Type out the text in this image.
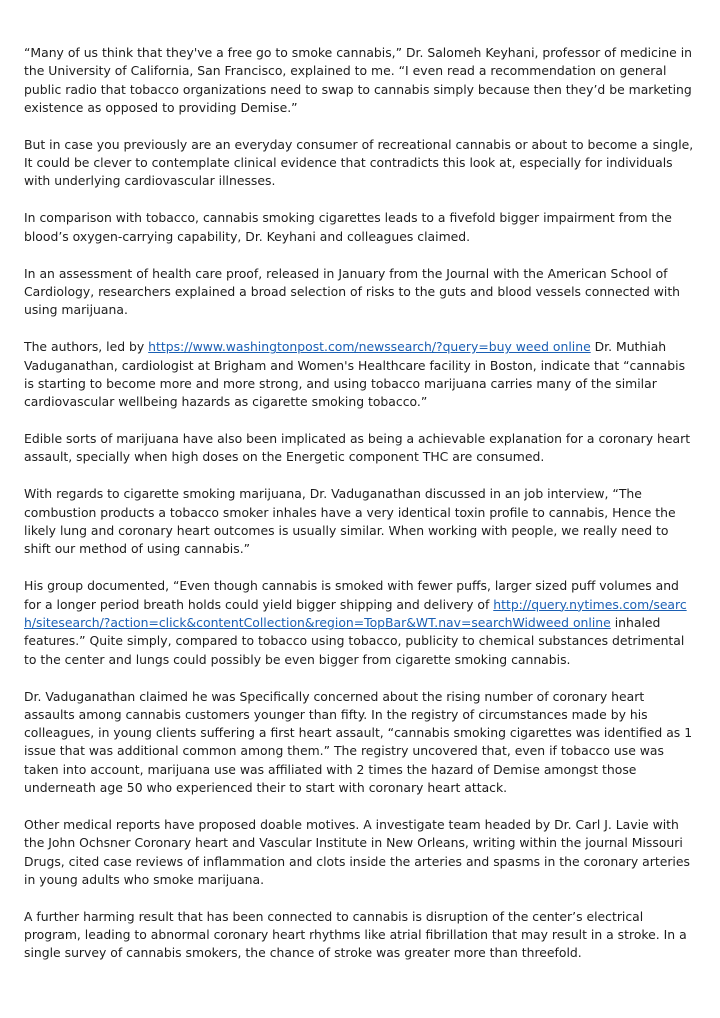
“Many of us think that they've a free go to smoke cannabis,” Dr. Salomeh Keyhani, professor of medicine in the University of California, San Francisco, explained to me. “I even read a recommendation on general public radio that tobacco organizations need to swap to cannabis simply because then they’d be marketing existence as opposed to providing Demise.”

But in case you previously are an everyday consumer of recreational cannabis or about to become a single, It could be clever to contemplate clinical evidence that contradicts this look at, especially for individuals with underlying cardiovascular illnesses.

In comparison with tobacco, cannabis smoking cigarettes leads to a fivefold bigger impairment from the blood’s oxygen-carrying capability, Dr. Keyhani and colleagues claimed.

In an assessment of health care proof, released in January from the Journal with the American School of Cardiology, researchers explained a broad selection of risks to the guts and blood vessels connected with using marijuana.

The authors, led by https://www.washingtonpost.com/newssearch/?query=buy weed online Dr. Muthiah Vaduganathan, cardiologist at Brigham and Women's Healthcare facility in Boston, indicate that “cannabis is starting to become more and more strong, and using tobacco marijuana carries many of the similar cardiovascular wellbeing hazards as cigarette smoking tobacco.”

Edible sorts of marijuana have also been implicated as being a achievable explanation for a coronary heart assault, specially when high doses on the Energetic component THC are consumed.

With regards to cigarette smoking marijuana, Dr. Vaduganathan discussed in an job interview, “The combustion products a tobacco smoker inhales have a very identical toxin profile to cannabis, Hence the likely lung and coronary heart outcomes is usually similar. When working with people, we really need to shift our method of using cannabis.”

His group documented, “Even though cannabis is smoked with fewer puffs, larger sized puff volumes and for a longer period breath holds could yield bigger shipping and delivery of http://query.nytimes.com/search/sitesearch/?action=click&contentCollection&region=TopBar&WT.nav=searchWidweed online inhaled features.” Quite simply, compared to tobacco using tobacco, publicity to chemical substances detrimental to the center and lungs could possibly be even bigger from cigarette smoking cannabis.

Dr. Vaduganathan claimed he was Specifically concerned about the rising number of coronary heart assaults among cannabis customers younger than fifty. In the registry of circumstances made by his colleagues, in young clients suffering a first heart assault, “cannabis smoking cigarettes was identified as 1 issue that was additional common among them.” The registry uncovered that, even if tobacco use was taken into account, marijuana use was affiliated with 2 times the hazard of Demise amongst those underneath age 50 who experienced their to start with coronary heart attack.

Other medical reports have proposed doable motives. A investigate team headed by Dr. Carl J. Lavie with the John Ochsner Coronary heart and Vascular Institute in New Orleans, writing within the journal Missouri Drugs, cited case reviews of inflammation and clots inside the arteries and spasms in the coronary arteries in young adults who smoke marijuana.

A further harming result that has been connected to cannabis is disruption of the center’s electrical program, leading to abnormal coronary heart rhythms like atrial fibrillation that may result in a stroke. In a single survey of cannabis smokers, the chance of stroke was greater more than threefold.
